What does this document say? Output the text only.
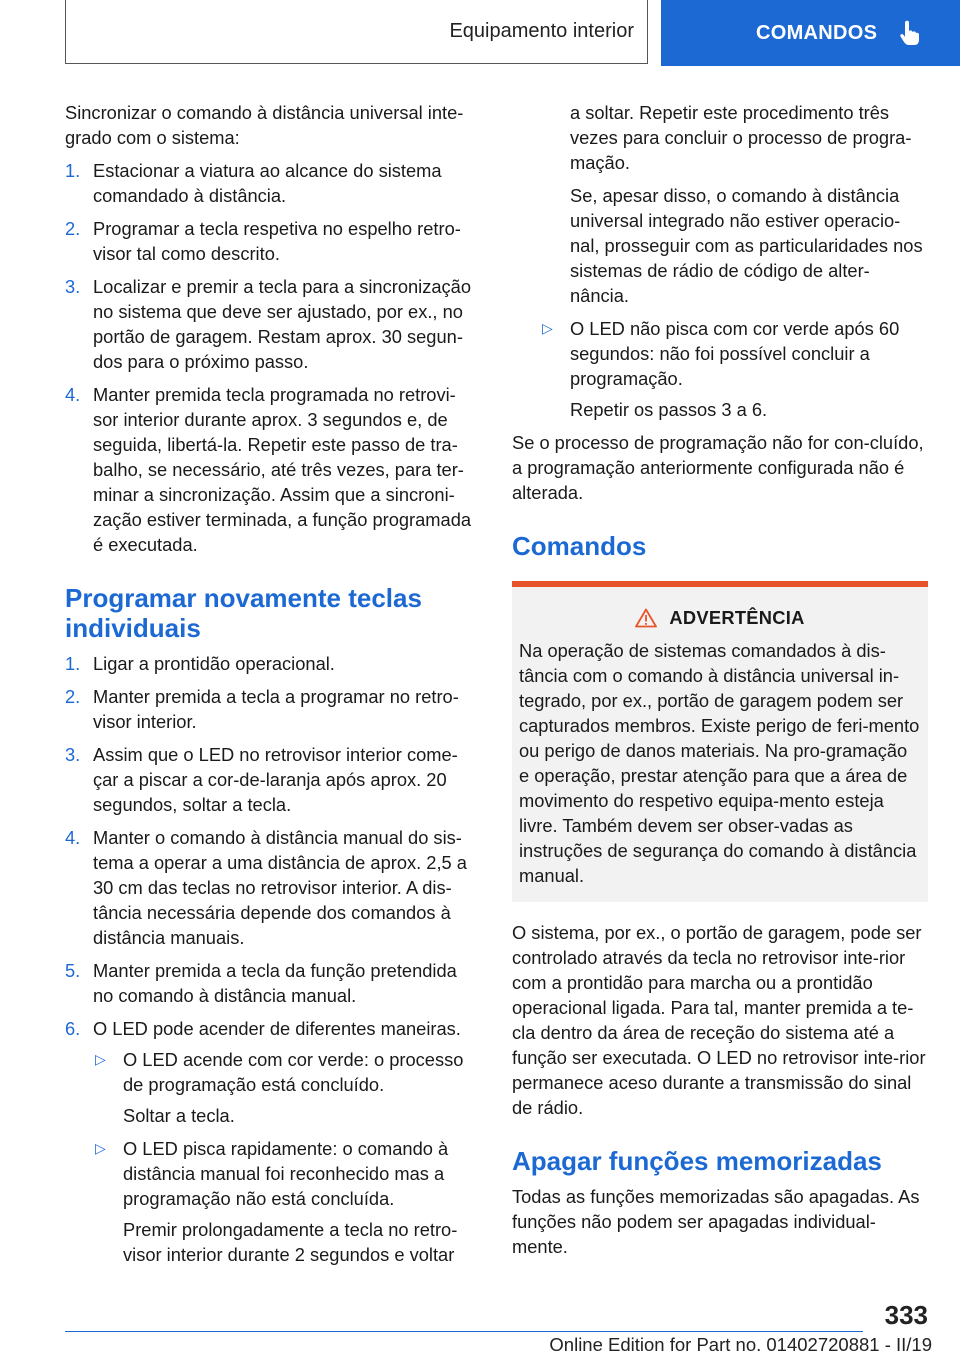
Equipamento interior	COMANDOS

Sincronizar o comando à distância universal inte-grado com o sistema:

1. Estacionar a viatura ao alcance do sistema comandado à distância.
2. Programar a tecla respetiva no espelho retro-visor tal como descrito.
3. Localizar e premir a tecla para a sincronização no sistema que deve ser ajustado, por ex., no portão de garagem. Restam aprox. 30 segun-dos para o próximo passo.
4. Manter premida tecla programada no retrovi-sor interior durante aprox. 3 segundos e, de seguida, libertá-la. Repetir este passo de tra-balho, se necessário, até três vezes, para ter-minar a sincronização. Assim que a sincroni-zação estiver terminada, a função programada é executada.
Programar novamente teclas individuais
1. Ligar a prontidão operacional.
2. Manter premida a tecla a programar no retro-visor interior.
3. Assim que o LED no retrovisor interior come-çar a piscar a cor-de-laranja após aprox. 20 segundos, soltar a tecla.
4. Manter o comando à distância manual do sis-tema a operar a uma distância de aprox. 2,5 a 30 cm das teclas no retrovisor interior. A dis-tância necessária depende dos comandos à distância manuais.
5. Manter premida a tecla da função pretendida no comando à distância manual.
6. O LED pode acender de diferentes maneiras.
▷ O LED acende com cor verde: o processo de programação está concluído.
Soltar a tecla.
▷ O LED pisca rapidamente: o comando à distância manual foi reconhecido mas a programação não está concluída.
Premir prolongadamente a tecla no retro-visor interior durante 2 segundos e voltar

a soltar. Repetir este procedimento três vezes para concluir o processo de progra-mação.

Se, apesar disso, o comando à distância universal integrado não estiver operacio-nal, prosseguir com as particularidades nos sistemas de rádio de código de alter-nância.

▷ O LED não pisca com cor verde após 60 segundos: não foi possível concluir a programação.
Repetir os passos 3 a 6.

Se o processo de programação não for con-cluído, a programação anteriormente configurada não é alterada.

Comandos
ADVERTÊNCIA
Na operação de sistemas comandados à dis-tância com o comando à distância universal in-tegrado, por ex., portão de garagem podem ser capturados membros. Existe perigo de feri-mento ou perigo de danos materiais. Na pro-gramação e operação, prestar atenção para que a área de movimento do respetivo equipa-mento esteja livre. Também devem ser obser-vadas as instruções de segurança do comando à distância manual.

O sistema, por ex., o portão de garagem, pode ser controlado através da tecla no retrovisor inte-rior com a prontidão para marcha ou a prontidão operacional ligada. Para tal, manter premida a te-cla dentro da área de receção do sistema até a função ser executada. O LED no retrovisor inte-rior permanece aceso durante a transmissão do sinal de rádio.

Apagar funções memorizadas

Todas as funções memorizadas são apagadas. As funções não podem ser apagadas individual-mente.

333
Online Edition for Part no. 01402720881 - II/19
